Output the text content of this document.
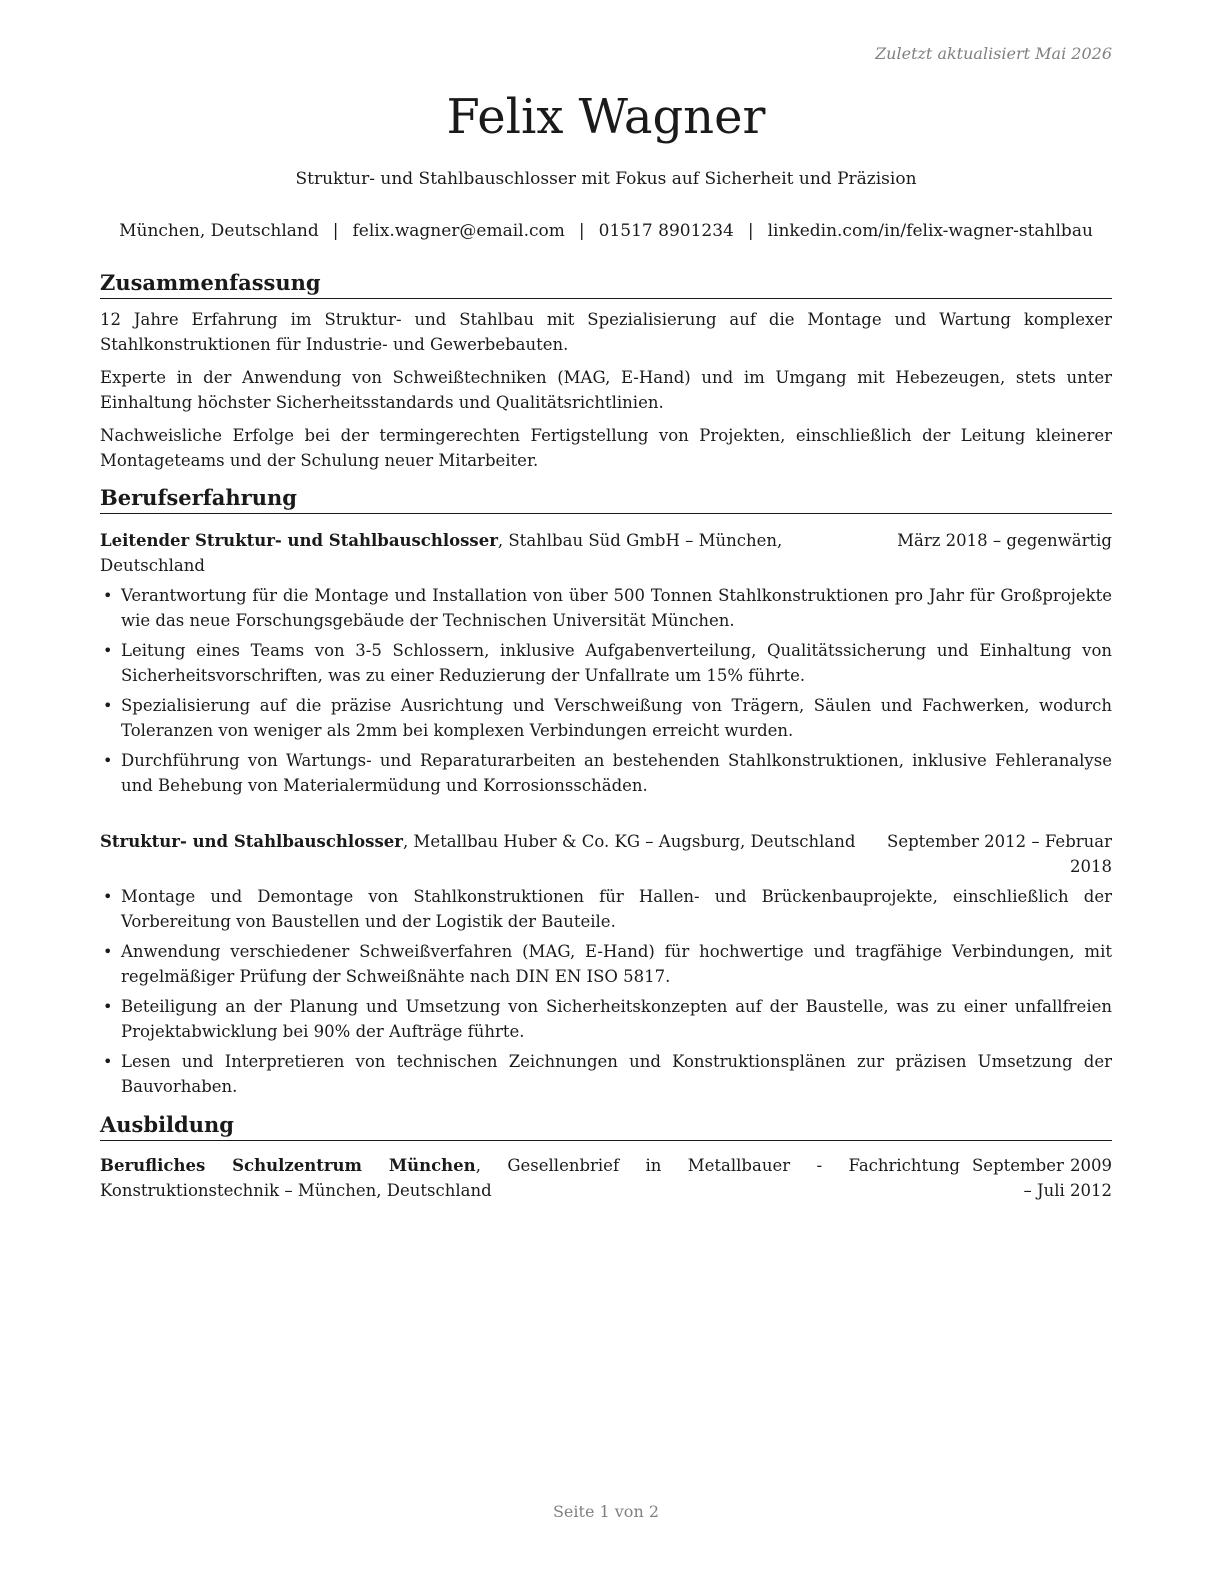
Zuletzt aktualisiert Mai 2026
Felix Wagner

Struktur- und Stahlbauschlosser mit Fokus auf Sicherheit und Präzision

München, Deutschland | felix.wagner@email.com | 01517 8901234 | linkedin.com/in/felix-wagner-stahlbau

Zusammenfassung

12 Jahre Erfahrung im Struktur- und Stahlbau mit Spezialisierung auf die Montage und Wartung komplexer Stahlkonstruktionen für Industrie- und Gewerbebauten.

Experte in der Anwendung von Schweißtechniken (MAG, E-Hand) und im Umgang mit Hebezeugen, stets unter Einhaltung höchster Sicherheitsstandards und Qualitätsrichtlinien.

Nachweisliche Erfolge bei der termingerechten Fertigstellung von Projekten, einschließlich der Leitung kleinerer Montageteams und der Schulung neuer Mitarbeiter.

Berufserfahrung
Leitender Struktur- und Stahlbauschlosser, Stahlbau Süd GmbH – München, Deutschland
März 2018 – gegenwärtig
• Verantwortung für die Montage und Installation von über 500 Tonnen Stahlkonstruktionen pro Jahr für Großprojekte wie das neue Forschungsgebäude der Technischen Universität München.
• Leitung eines Teams von 3-5 Schlossern, inklusive Aufgabenverteilung, Qualitätssicherung und Einhaltung von Sicherheitsvorschriften, was zu einer Reduzierung der Unfallrate um 15% führte.
• Spezialisierung auf die präzise Ausrichtung und Verschweißung von Trägern, Säulen und Fachwerken, wodurch Toleranzen von weniger als 2mm bei komplexen Verbindungen erreicht wurden.
• Durchführung von Wartungs- und Reparaturarbeiten an bestehenden Stahlkonstruktionen, inklusive Fehleranalyse und Behebung von Materialermüdung und Korrosionsschäden.
Struktur- und Stahlbauschlosser, Metallbau Huber & Co. KG – Augsburg, Deutschland	September 2012 – Februar 2018
• Montage und Demontage von Stahlkonstruktionen für Hallen- und Brückenbauprojekte, einschließlich der Vorbereitung von Baustellen und der Logistik der Bauteile.
• Anwendung verschiedener Schweißverfahren (MAG, E-Hand) für hochwertige und tragfähige Verbindungen, mit regelmäßiger Prüfung der Schweißnähte nach DIN EN ISO 5817.
• Beteiligung an der Planung und Umsetzung von Sicherheitskonzepten auf der Baustelle, was zu einer unfallfreien Projektabwicklung bei 90% der Aufträge führte.
• Lesen und Interpretieren von technischen Zeichnungen und Konstruktionsplänen zur präzisen Umsetzung der Bauvorhaben.
Ausbildung
Berufliches Schulzentrum München, Gesellenbrief in Metallbauer - Fachrichtung Konstruktionstechnik – München, Deutschland
September 2009 – Juli 2012
Seite 1 von 2
